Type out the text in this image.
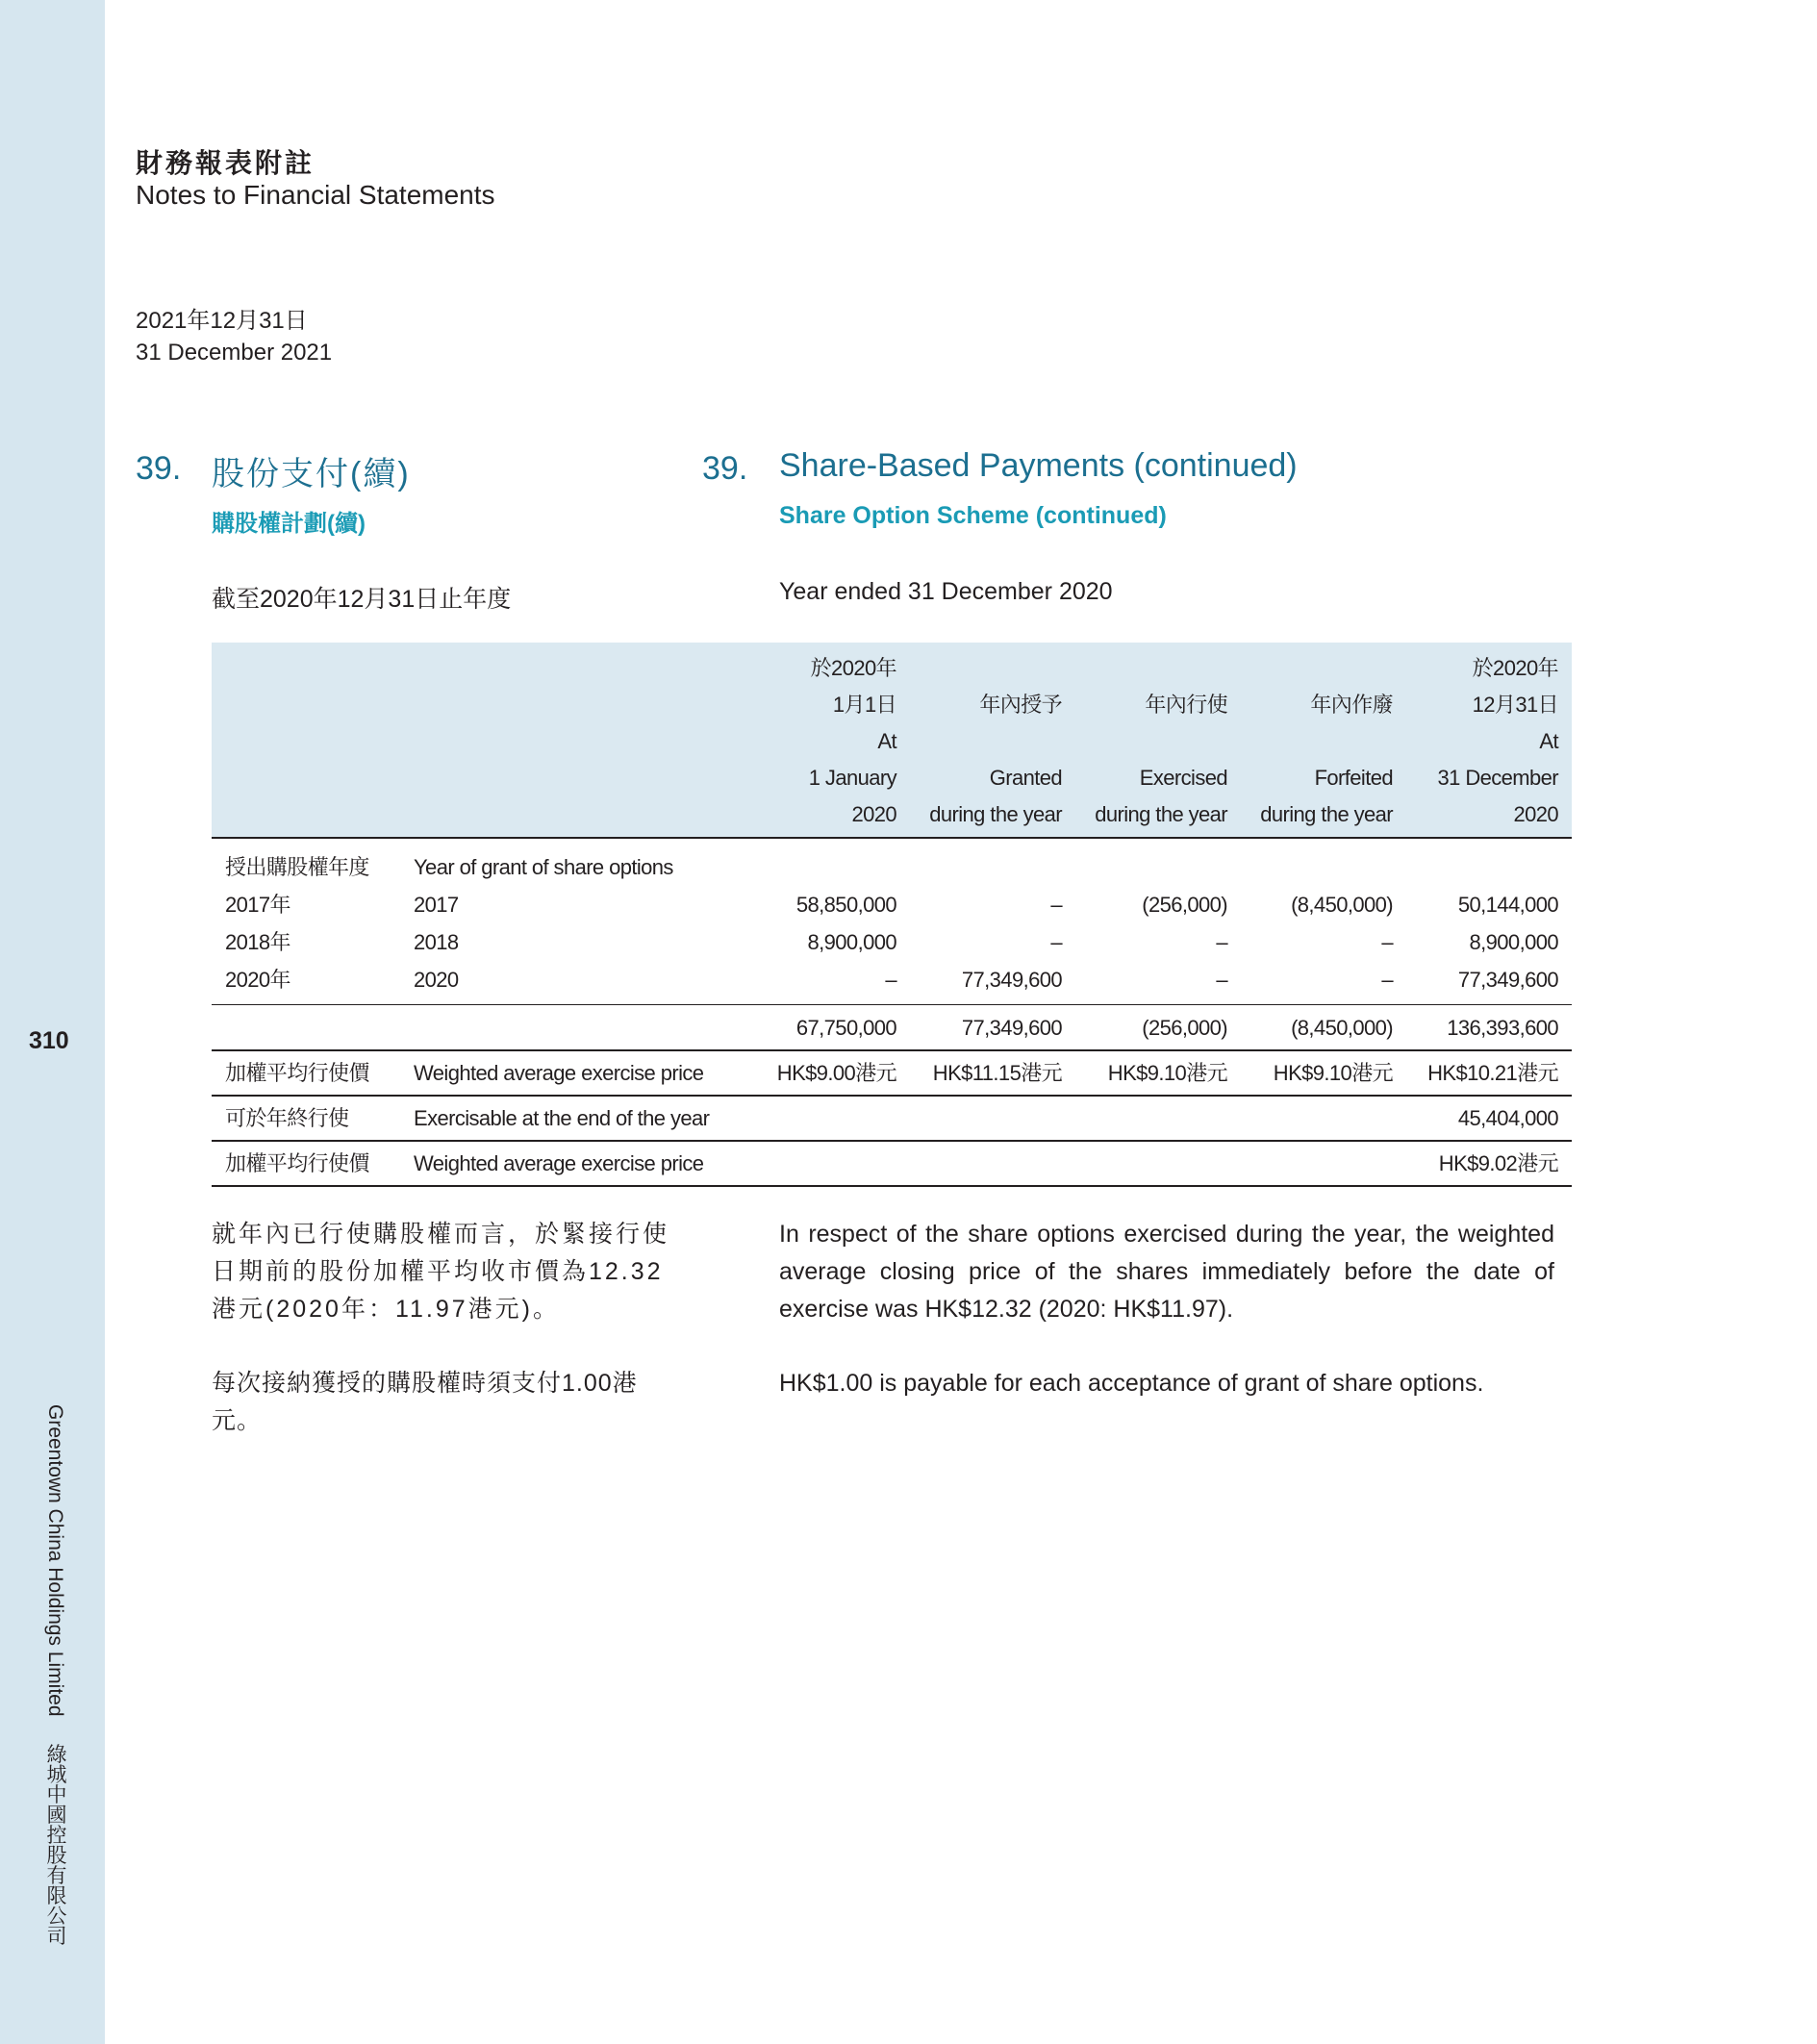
310
Greentown China Holdings Limited綠城中國控股有限公司
財務報表附註
Notes to Financial Statements
2021年12月31日
31 December 2021
39. 股份支付(續)
購股權計劃(續)
39. Share-Based Payments (continued)
Share Option Scheme (continued)
截至2020年12月31日止年度	Year ended 31 December 2020
		於2020年				於2020年
		1月1日	年內授予	年內行使	年內作廢	12月31日
		At				At
		1 January	Granted	Exercised	Forfeited	31 December
		2020	during the year	during the year	during the year	2020
授出購股權年度	Year of grant of share options					
2017年	2017	58,850,000	–	(256,000)	(8,450,000)	50,144,000
2018年	2018	8,900,000	–	–	–	8,900,000
2020年	2020	–	77,349,600	–	–	77,349,600
		67,750,000	77,349,600	(256,000)	(8,450,000)	136,393,600
加權平均行使價	Weighted average exercise price	HK$9.00港元	HK$11.15港元	HK$9.10港元	HK$9.10港元	HK$10.21港元
可於年終行使	Exercisable at the end of the year					45,404,000
加權平均行使價	Weighted average exercise price					HK$9.02港元
就年內已行使購股權而言，於緊接行使日期前的股份加權平均收市價為12.32港元(2020年：11.97港元)。
In respect of the share options exercised during the year, the weighted average closing price of the shares immediately before the date of exercise was HK$12.32 (2020: HK$11.97).
每次接納獲授的購股權時須支付1.00港元。
HK$1.00 is payable for each acceptance of grant of share options.
